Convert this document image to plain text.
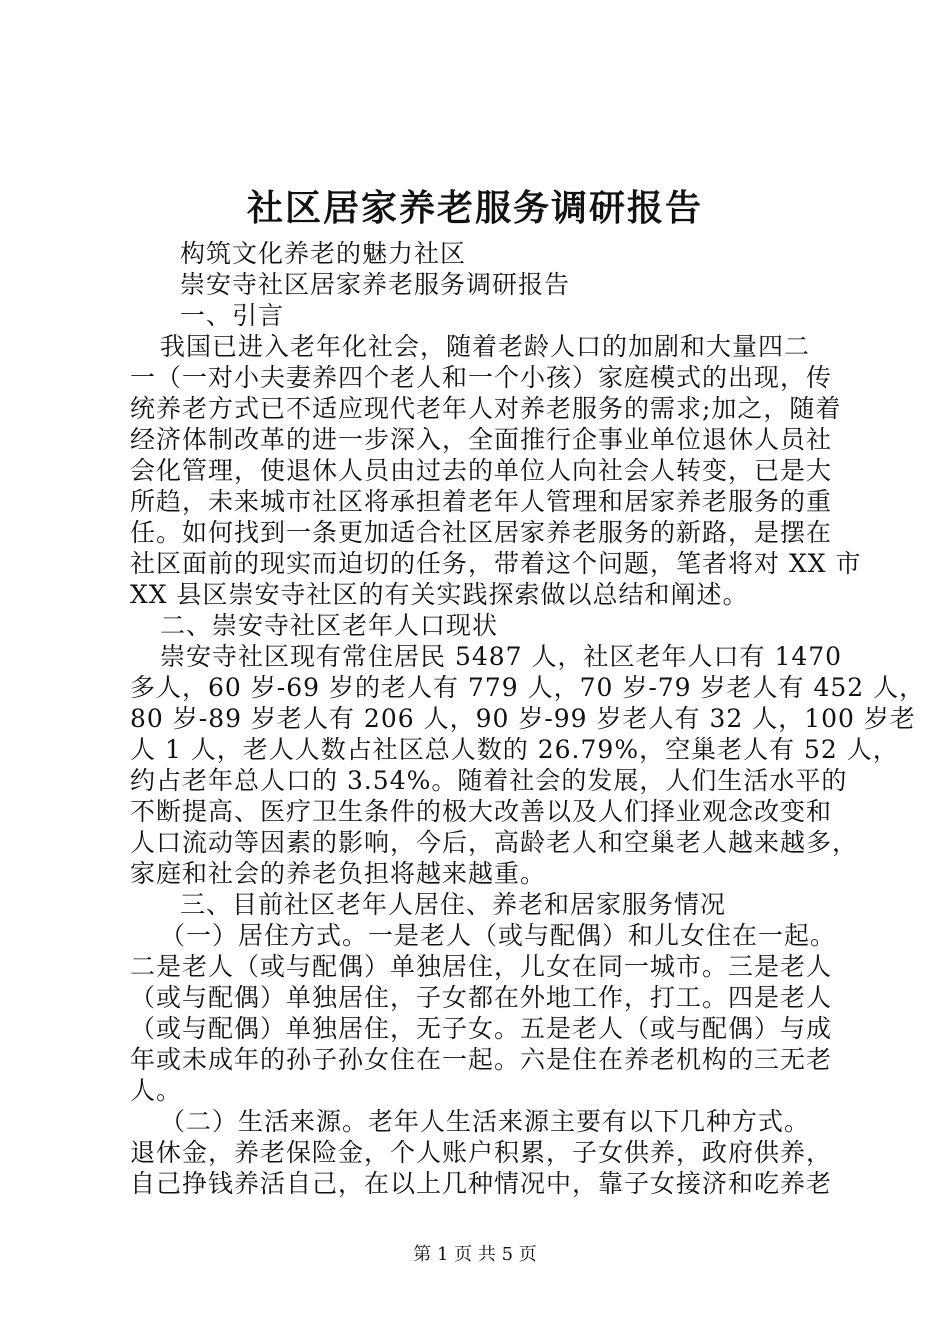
社区居家养老服务调研报告
构筑文化养老的魅力社区
崇安寺社区居家养老服务调研报告
一、引言
我国已进入老年化社会，随着老龄人口的加剧和大量四二
一（一对小夫妻养四个老人和一个小孩）家庭模式的出现，传
统养老方式已不适应现代老年人对养老服务的需求;加之，随着
经济体制改革的进一步深入，全面推行企事业单位退休人员社
会化管理，使退休人员由过去的单位人向社会人转变，已是大
所趋，未来城市社区将承担着老年人管理和居家养老服务的重
任。如何找到一条更加适合社区居家养老服务的新路，是摆在
社区面前的现实而迫切的任务，带着这个问题，笔者将对 XX 市
XX 县区崇安寺社区的有关实践探索做以总结和阐述。
二、崇安寺社区老年人口现状
崇安寺社区现有常住居民 5487 人，社区老年人口有 1470
多人，60 岁-69 岁的老人有 779 人，70 岁-79 岁老人有 452 人，
80 岁-89 岁老人有 206 人，90 岁-99 岁老人有 32 人，100 岁老
人 1 人，老人人数占社区总人数的 26.79%，空巢老人有 52 人，
约占老年总人口的 3.54%。随着社会的发展，人们生活水平的
不断提高、医疗卫生条件的极大改善以及人们择业观念改变和
人口流动等因素的影响，今后，高龄老人和空巢老人越来越多，
家庭和社会的养老负担将越来越重。
三、目前社区老年人居住、养老和居家服务情况
（一）居住方式。一是老人（或与配偶）和儿女住在一起。
二是老人（或与配偶）单独居住，儿女在同一城市。三是老人
（或与配偶）单独居住，子女都在外地工作，打工。四是老人
（或与配偶）单独居住，无子女。五是老人（或与配偶）与成
年或未成年的孙子孙女住在一起。六是住在养老机构的三无老
人。
（二）生活来源。老年人生活来源主要有以下几种方式。
退休金，养老保险金，个人账户积累，子女供养，政府供养，
自己挣钱养活自己，在以上几种情况中，靠子女接济和吃养老
第 1 页 共 5 页
